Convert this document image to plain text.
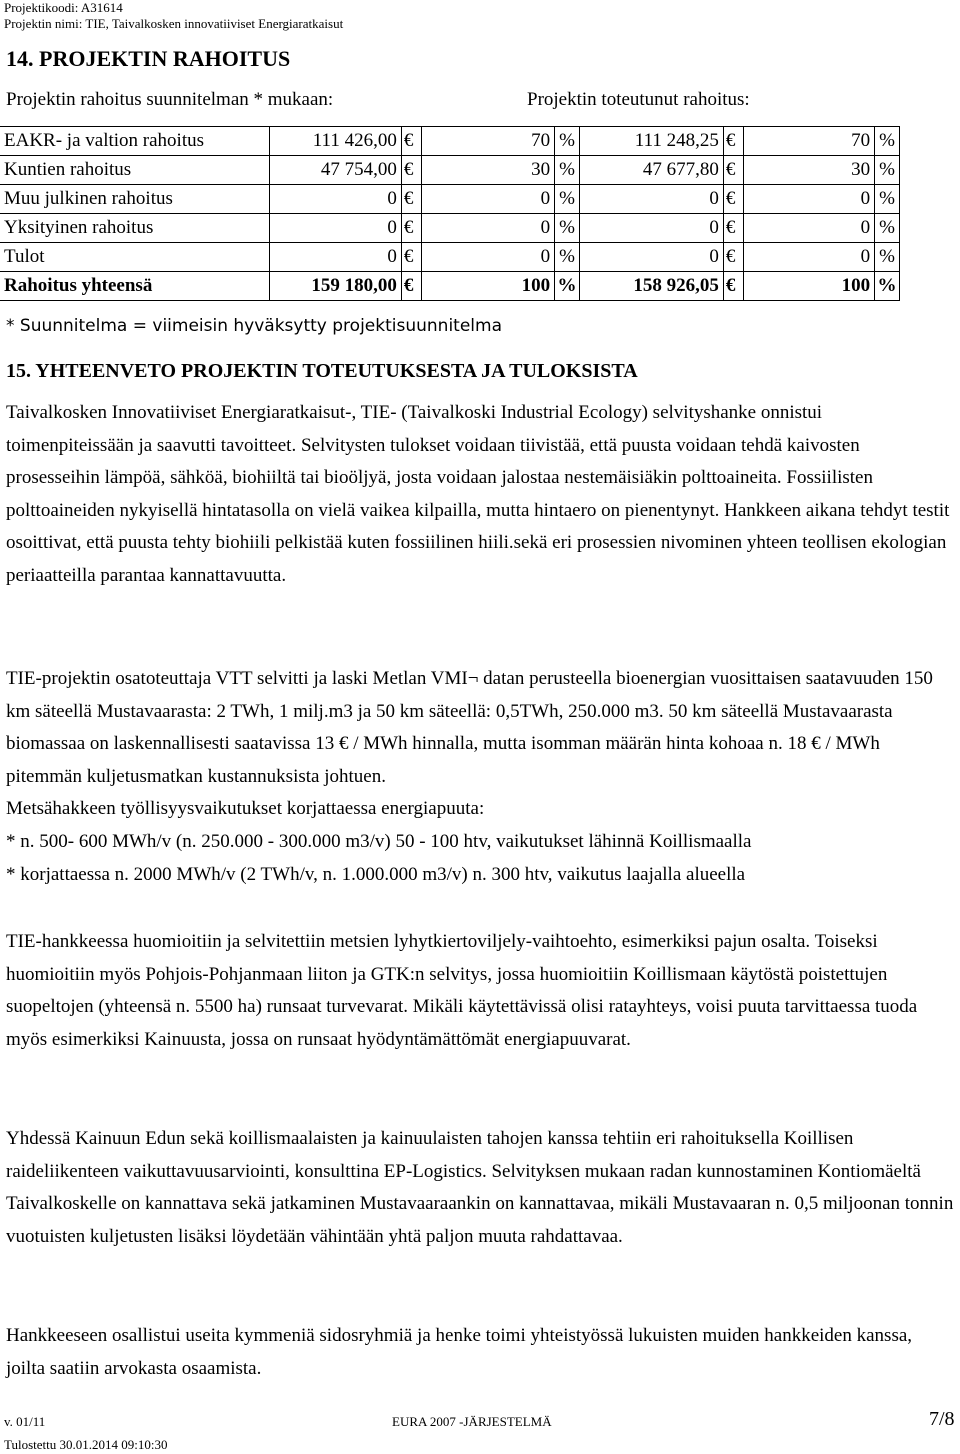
Projektikoodi: A31614
Projektin nimi: TIE, Taivalkosken innovatiiviset Energiaratkaisut
14. PROJEKTIN RAHOITUS
Projektin rahoitus suunnitelman * mukaan:	Projektin toteutunut rahoitus:
EAKR- ja valtion rahoitus	111 426,00	€	70	%	111 248,25	€	70	%
Kuntien rahoitus	47 754,00	€	30	%	47 677,80	€	30	%
Muu julkinen rahoitus	0	€	0	%	0	€	0	%
Yksityinen rahoitus	0	€	0	%	0	€	0	%
Tulot	0	€	0	%	0	€	0	%
Rahoitus yhteensä	159 180,00	€	100	%	158 926,05	€	100	%
* Suunnitelma = viimeisin hyväksytty projektisuunnitelma
15. YHTEENVETO PROJEKTIN TOTEUTUKSESTA JA TULOKSISTA

Taivalkosken Innovatiiviset Energiaratkaisut-, TIE- (Taivalkoski Industrial Ecology) selvityshanke onnistui toimenpiteissään ja saavutti tavoitteet. Selvitysten tulokset voidaan tiivistää, että puusta voidaan tehdä kaivosten prosesseihin lämpöä, sähköä, biohiiltä tai bioöljyä, josta voidaan jalostaa nestemäisiäkin polttoaineita. Fossiilisten polttoaineiden nykyisellä hintatasolla on vielä vaikea kilpailla, mutta hintaero on pienentynyt. Hankkeen aikana tehdyt testit osoittivat, että puusta tehty biohiili pelkistää kuten fossiilinen hiili.sekä eri prosessien nivominen yhteen teollisen ekologian periaatteilla parantaa kannattavuutta.

TIE-projektin osatoteuttaja VTT selvitti ja laski Metlan VMI¬ datan perusteella bioenergian vuosittaisen saatavuuden 150 km säteellä Mustavaarasta: 2 TWh, 1 milj.m3 ja 50 km säteellä: 0,5TWh, 250.000 m3. 50 km säteellä Mustavaarasta biomassaa on laskennallisesti saatavissa 13 € / MWh hinnalla, mutta isomman määrän hinta kohoaa n. 18 € / MWh pitemmän kuljetusmatkan kustannuksista johtuen.

Metsähakkeen työllisyysvaikutukset korjattaessa energiapuuta:

* n. 500- 600 MWh/v (n. 250.000 - 300.000 m3/v) 50 - 100 htv, vaikutukset lähinnä Koillismaalla

* korjattaessa n. 2000 MWh/v (2 TWh/v, n. 1.000.000 m3/v) n. 300 htv, vaikutus laajalla alueella

TIE-hankkeessa huomioitiin ja selvitettiin metsien lyhytkiertoviljely-vaihtoehto, esimerkiksi pajun osalta. Toiseksi huomioitiin myös Pohjois-Pohjanmaan liiton ja GTK:n selvitys, jossa huomioitiin Koillismaan käytöstä poistettujen suopeltojen (yhteensä n. 5500 ha) runsaat turvevarat. Mikäli käytettävissä olisi ratayhteys, voisi puuta tarvittaessa tuoda myös esimerkiksi Kainuusta, jossa on runsaat hyödyntämättömät energiapuuvarat.

Yhdessä Kainuun Edun sekä koillismaalaisten ja kainuulaisten tahojen kanssa tehtiin eri rahoituksella Koillisen raideliikenteen vaikuttavuusarviointi, konsulttina EP-Logistics. Selvityksen mukaan radan kunnostaminen Kontiomäeltä Taivalkoskelle on kannattava sekä jatkaminen Mustavaaraankin on kannattavaa, mikäli Mustavaaran n. 0,5 miljoonan tonnin vuotuisten kuljetusten lisäksi löydetään vähintään yhtä paljon muuta rahdattavaa.

Hankkeeseen osallistui useita kymmeniä sidosryhmiä ja henke toimi yhteistyössä lukuisten muiden hankkeiden kanssa, joilta saatiin arvokasta osaamista.

v. 01/11	EURA 2007 -JÄRJESTELMÄ	7/8
Tulostettu 30.01.2014 09:10:30
